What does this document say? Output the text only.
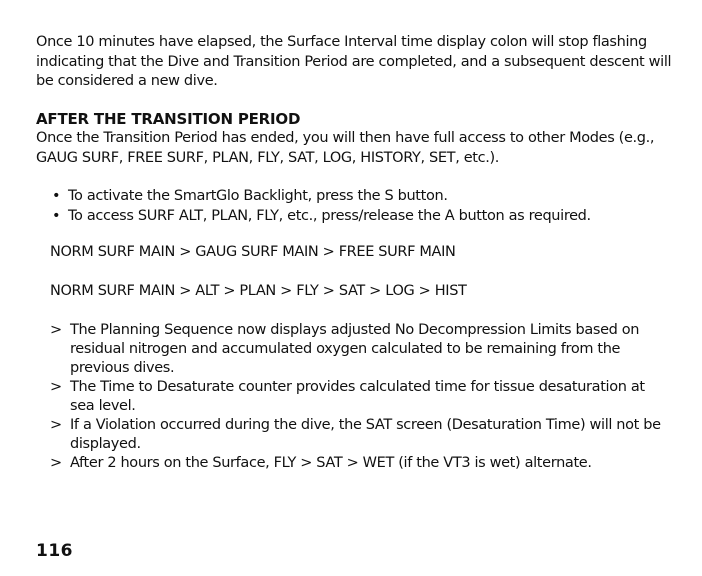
Once 10 minutes have elapsed, the Surface Interval time display colon will stop flashing indicating that the Dive and Transition Period are completed, and a subsequent descent will be considered a new dive.

AFTER THE TRANSITION PERIOD

Once the Transition Period has ended, you will then have full access to other Modes (e.g., GAUG SURF, FREE SURF, PLAN, FLY, SAT, LOG, HISTORY, SET, etc.).

• To activate the SmartGlo Backlight, press the S button.
• To access SURF ALT, PLAN, FLY, etc., press/release the A button as required.

NORM SURF MAIN > GAUG SURF MAIN > FREE SURF MAIN

NORM SURF MAIN > ALT > PLAN > FLY > SAT > LOG > HIST

> The Planning Sequence now displays adjusted No Decompression Limits based on residual nitrogen and accumulated oxygen calculated to be remaining from the previous dives.
> The Time to Desaturate counter provides calculated time for tissue desaturation at sea level.
> If a Violation occurred during the dive, the SAT screen (Desaturation Time) will not be displayed.
> After 2 hours on the Surface, FLY > SAT > WET (if the VT3 is wet) alternate.
116
